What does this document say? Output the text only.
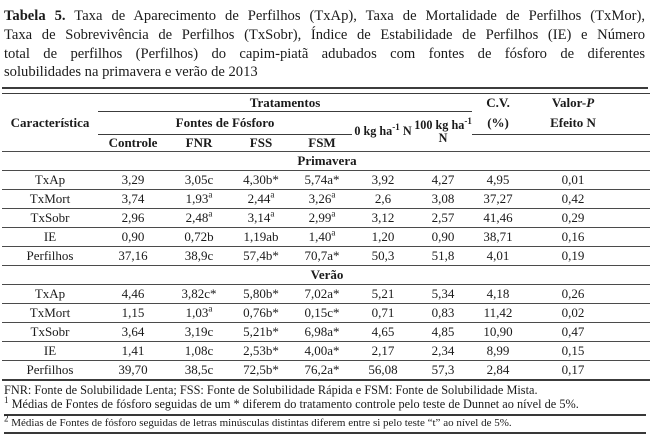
Tabela 5. Taxa de Aparecimento de Perfilhos (TxAp), Taxa de Mortalidade de Perfilhos (TxMor),
Taxa de Sobrevivência de Perfilhos (TxSobr), Índice de Estabilidade de Perfilhos (IE) e Número
total de perfilhos (Perfilhos) do capim-piatã adubados com fontes de fósforo de diferentes
solubilidades na primavera e verão de 2013
Característica	Tratamentos						C.V.	Valor-P
	Fontes de Fósforo				0 kg $ha^{-1}$ N	100 kg $ha^{-1}$ N	(%)	Efeito N
	Controle	FNR	FSS	FSM				
Primavera								
TxAp	3,29	3,05c	4,30b*	5,74a*	3,92	4,27	4,95	0,01
TxMort	3,74	1,93$^a$	2,44$^a$	3,26$^a$	2,6	3,08	37,27	0,42
TxSobr	2,96	2,48$^a$	3,14$^a$	2,99$^a$	3,12	2,57	41,46	0,29
IE	0,90	0,72b	1,19ab	1,40$^a$	1,20	0,90	38,71	0,16
Perfilhos	37,16	38,9c	57,4b*	70,7a*	50,3	51,8	4,01	0,19
Verão								
TxAp	4,46	3,82c*	5,80b*	7,02a*	5,21	5,34	4,18	0,26
TxMort	1,15	1,03$^a$	0,76b*	0,15c*	0,71	0,83	11,42	0,02
TxSobr	3,64	3,19c	5,21b*	6,98a*	4,65	4,85	10,90	0,47
IE	1,41	1,08c	2,53b*	4,00a*	2,17	2,34	8,99	0,15
Perfilhos	39,70	38,5c	72,5b*	76,2a*	56,08	57,3	2,84	0,17
FNR: Fonte de Solubilidade Lenta; FSS: Fonte de Solubilidade Rápida e FSM: Fonte de Solubilidade Mista.
$^1$ Médias de Fontes de fósforo seguidas de um * diferem do tratamento controle pelo teste de Dunnet ao nível de 5%.
$^2$ Médias de Fontes de fósforo seguidas de letras minúsculas distintas diferem entre si pelo teste “t” ao nível de 5%.
